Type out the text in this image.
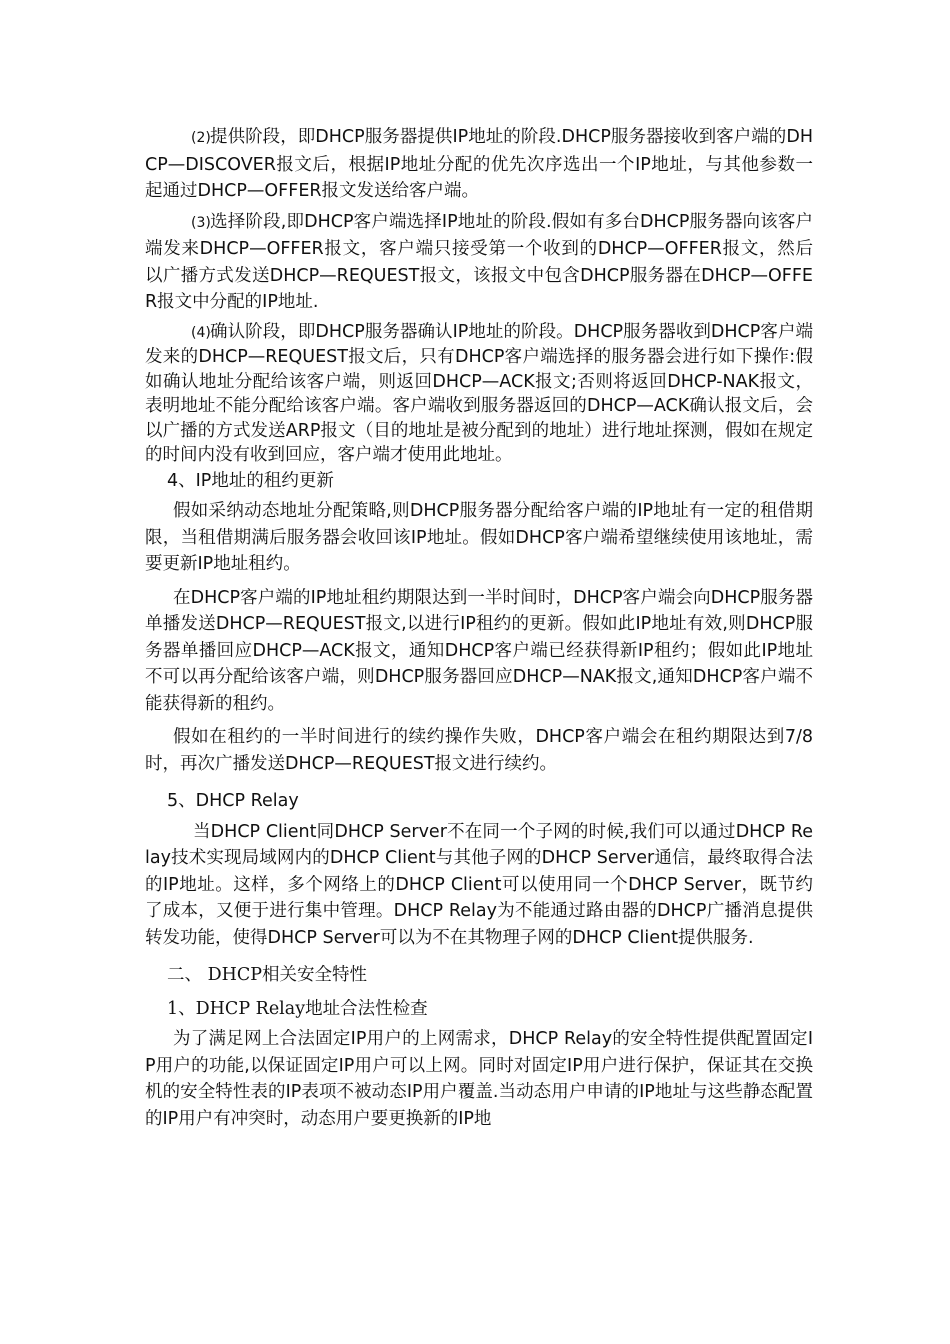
(2)提供阶段，即DHCP服务器提供IP地址的阶段.DHCP服务器接收到客户端的DHCP—DISCOVER报文后，根据IP地址分配的优先次序选出一个IP地址，与其他参数一起通过DHCP—OFFER报文发送给客户端。

(3)选择阶段,即DHCP客户端选择IP地址的阶段.假如有多台DHCP服务器向该客户端发来DHCP—OFFER报文，客户端只接受第一个收到的DHCP—OFFER报文，然后以广播方式发送DHCP—REQUEST报文，该报文中包含DHCP服务器在DHCP—OFFER报文中分配的IP地址.

(4)确认阶段，即DHCP服务器确认IP地址的阶段。DHCP服务器收到DHCP客户端发来的DHCP—REQUEST报文后，只有DHCP客户端选择的服务器会进行如下操作:假如确认地址分配给该客户端，则返回DHCP—ACK报文;否则将返回DHCP-NAK报文，表明地址不能分配给该客户端。客户端收到服务器返回的DHCP—ACK确认报文后，会以广播的方式发送ARP报文（目的地址是被分配到的地址）进行地址探测，假如在规定的时间内没有收到回应，客户端才使用此地址。

4、IP地址的租约更新

假如采纳动态地址分配策略,则DHCP服务器分配给客户端的IP地址有一定的租借期限，当租借期满后服务器会收回该IP地址。假如DHCP客户端希望继续使用该地址，需要更新IP地址租约。

在DHCP客户端的IP地址租约期限达到一半时间时，DHCP客户端会向DHCP服务器单播发送DHCP—REQUEST报文,以进行IP租约的更新。假如此IP地址有效,则DHCP服务器单播回应DHCP—ACK报文，通知DHCP客户端已经获得新IP租约；假如此IP地址不可以再分配给该客户端，则DHCP服务器回应DHCP—NAK报文,通知DHCP客户端不能获得新的租约。

假如在租约的一半时间进行的续约操作失败，DHCP客户端会在租约期限达到7/8时，再次广播发送DHCP—REQUEST报文进行续约。

5、DHCP Relay

当DHCP Client同DHCP Server不在同一个子网的时候,我们可以通过DHCP Relay技术实现局域网内的DHCP Client与其他子网的DHCP Server通信，最终取得合法的IP地址。这样，多个网络上的DHCP Client可以使用同一个DHCP Server，既节约了成本，又便于进行集中管理。DHCP Relay为不能通过路由器的DHCP广播消息提供转发功能，使得DHCP Server可以为不在其物理子网的DHCP Client提供服务.

二、 DHCP相关安全特性

1、DHCP Relay地址合法性检查

为了满足网上合法固定IP用户的上网需求，DHCP Relay的安全特性提供配置固定IP用户的功能,以保证固定IP用户可以上网。同时对固定IP用户进行保护，保证其在交换机的安全特性表的IP表项不被动态IP用户覆盖.当动态用户申请的IP地址与这些静态配置的IP用户有冲突时，动态用户要更换新的IP地
